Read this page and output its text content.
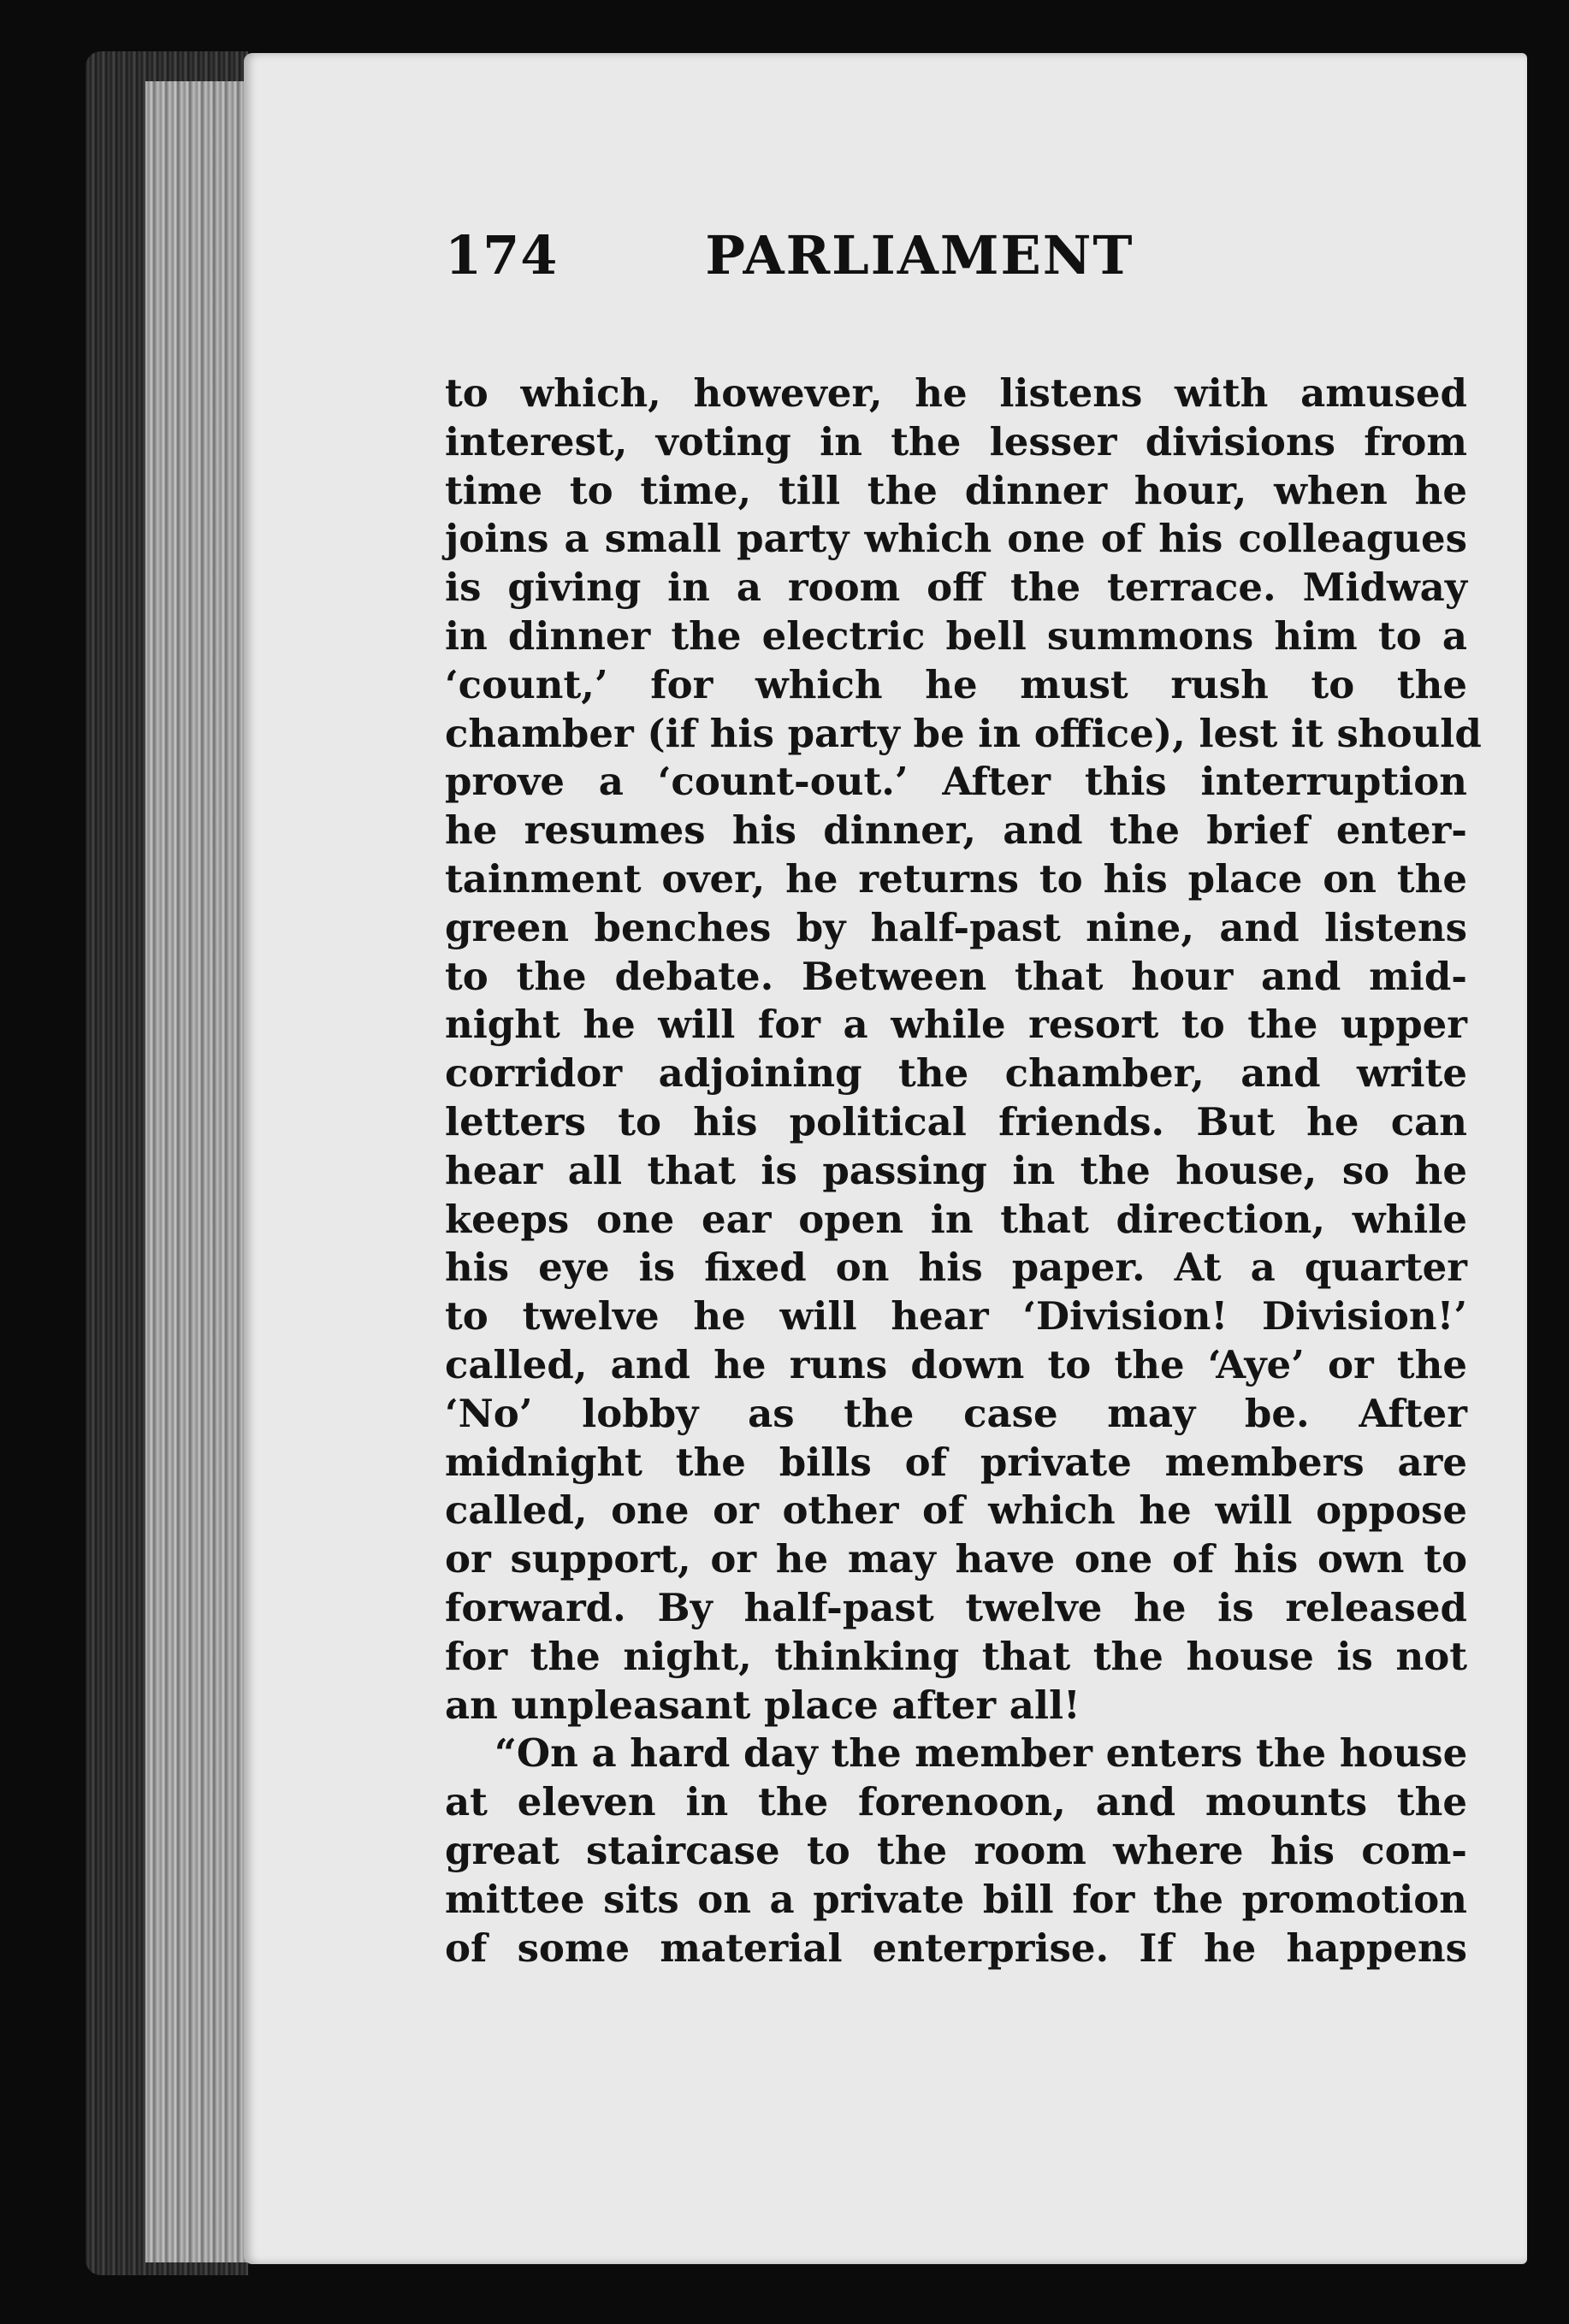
174	PARLIAMENT
to which, however, he listens with amused
interest, voting in the lesser divisions from
time to time, till the dinner hour, when he
joins a small party which one of his colleagues
is giving in a room off the terrace. Midway
in dinner the electric bell summons him to a
‘count,’ for which he must rush to the
chamber (if his party be in office), lest it should
prove a ‘count-out.’ After this interruption
he resumes his dinner, and the brief enter-
tainment over, he returns to his place on the
green benches by half-past nine, and listens
to the debate. Between that hour and mid-
night he will for a while resort to the upper
corridor adjoining the chamber, and write
letters to his political friends. But he can
hear all that is passing in the house, so he
keeps one ear open in that direction, while
his eye is fixed on his paper. At a quarter
to twelve he will hear ‘Division! Division!’
called, and he runs down to the ‘Aye’ or the
‘No’ lobby as the case may be. After
midnight the bills of private members are
called, one or other of which he will oppose
or support, or he may have one of his own to
forward. By half-past twelve he is released
for the night, thinking that the house is not
an unpleasant place after all!
“On a hard day the member enters the house
at eleven in the forenoon, and mounts the
great staircase to the room where his com-
mittee sits on a private bill for the promotion
of some material enterprise. If he happens
